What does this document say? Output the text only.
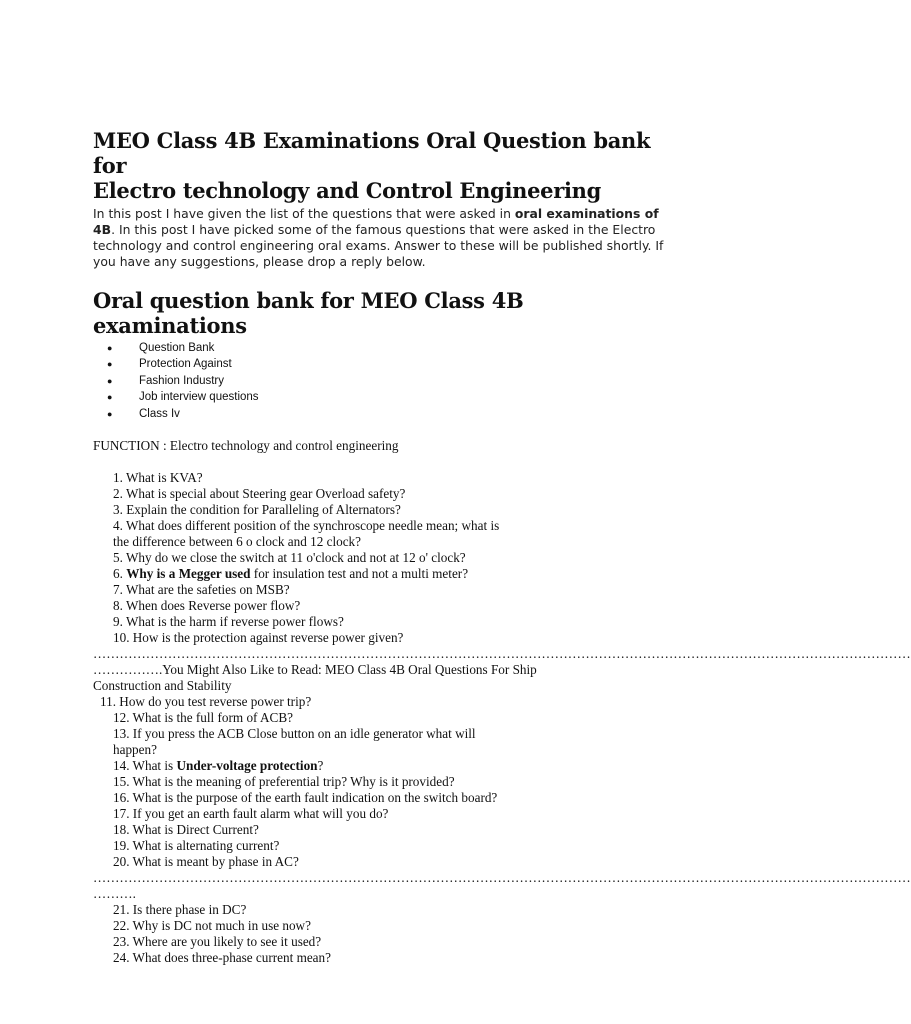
MEO Class 4B Examinations Oral Question bank for
Electro technology and Control Engineering

In this post I have given the list of the questions that were asked in oral examinations of 4B. In this post I have picked some of the famous questions that were asked in the Electro technology and control engineering oral exams. Answer to these will be published shortly. If you have any suggestions, please drop a reply below.

Oral question bank for MEO Class 4B
examinations
● Question Bank
● Protection Against
● Fashion Industry
● Job interview questions
● Class Iv

FUNCTION : Electro technology and control engineering

1. What is KVA?

2. What is special about Steering gear Overload safety?

3. Explain the condition for Paralleling of Alternators?

4. What does different position of the synchroscope needle mean; what is

the difference between 6 o clock and 12 clock?

5. Why do we close the switch at 11 o'clock and not at 12 o' clock?

6. Why is a Megger used for insulation test and not a multi meter?

7. What are the safeties on MSB?

8. When does Reverse power flow?

9. What is the harm if reverse power flows?

10. How is the protection against reverse power given?

……………………………………………………………………………………………………………………………………………………………………

…………….You Might Also Like to Read: MEO Class 4B Oral Questions For Ship

Construction and Stability

11. How do you test reverse power trip?

12. What is the full form of ACB?

13. If you press the ACB Close button on an idle generator what will

happen?

14. What is Under-voltage protection?

15. What is the meaning of preferential trip? Why is it provided?

16. What is the purpose of the earth fault indication on the switch board?

17. If you get an earth fault alarm what will you do?

18. What is Direct Current?

19. What is alternating current?

20. What is meant by phase in AC?

……………………………………………………………………………………………………………………………………………………………………

……….

21. Is there phase in DC?

22. Why is DC not much in use now?

23. Where are you likely to see it used?

24. What does three-phase current mean?
